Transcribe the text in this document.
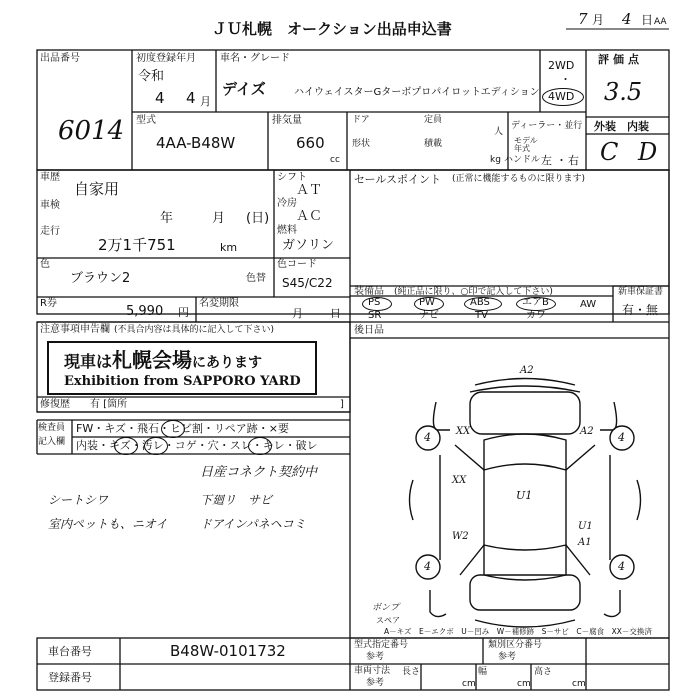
ＪＵ札幌　オークション出品申込書
7 月 4 日 AA
出品番号
6014
初度登録年月
令和
4 4 月
車名・グレード
デイズ	ハイウェイスターGターボプロパイロットエディション
2WD
・
4WD
評価点
3.5
型式
4AA-B48W
排気量
660
cc
ドア	定員
人
形状	積載
kg
ディーラー・並行
モデル年式
ハンドル 左 ・ 右
外装　内装
C D
車歴
自家用
車検
年	月 (日)
走行
2万1千751	km
シフト
ＡＴ
冷房
ＡＣ
燃料
ガソリン
セールスポイント (正常に機能するものに限ります)
色
ブラウン2	色替
色コード
S45/C22
R券
5,990 円
名変期限
月 日
装備品 (純正品に限り、○印で記入して下さい)
PS
SR
PW
ナビ
ABS
TV
エアB
カワ
AW
新車保証書
有・無
注意事項申告欄 (不具合内容は具体的に記入して下さい)
現車は札幌会場にあります
Exhibition from SAPPORO YARD
修復歴 有 [箇所	]
後日品
検査員
記入欄
FW・キズ・飛石・ヒビ割・リペア跡・×要
内装・キズ・汚レ・コゲ・穴・スレ・キレ・破レ
日産コネクト契約中
シートシワ	下廻リ　サビ
室内ペットも、ニオイ	ドアインパネヘコミ
A2
XX	A2
4	4
XX
U1
W2
U1
A1
4	4
ボンプ
スペア
A－キズ　E－エクボ　U－凹み　W－補修跡　S－サビ　C－腐食　XX－交換済
車台番号	B48W-0101732
登録番号
型式指定番号
参考
類別区分番号
参考
車両寸法
参考
長さ
cm
幅
cm
高さ
cm
